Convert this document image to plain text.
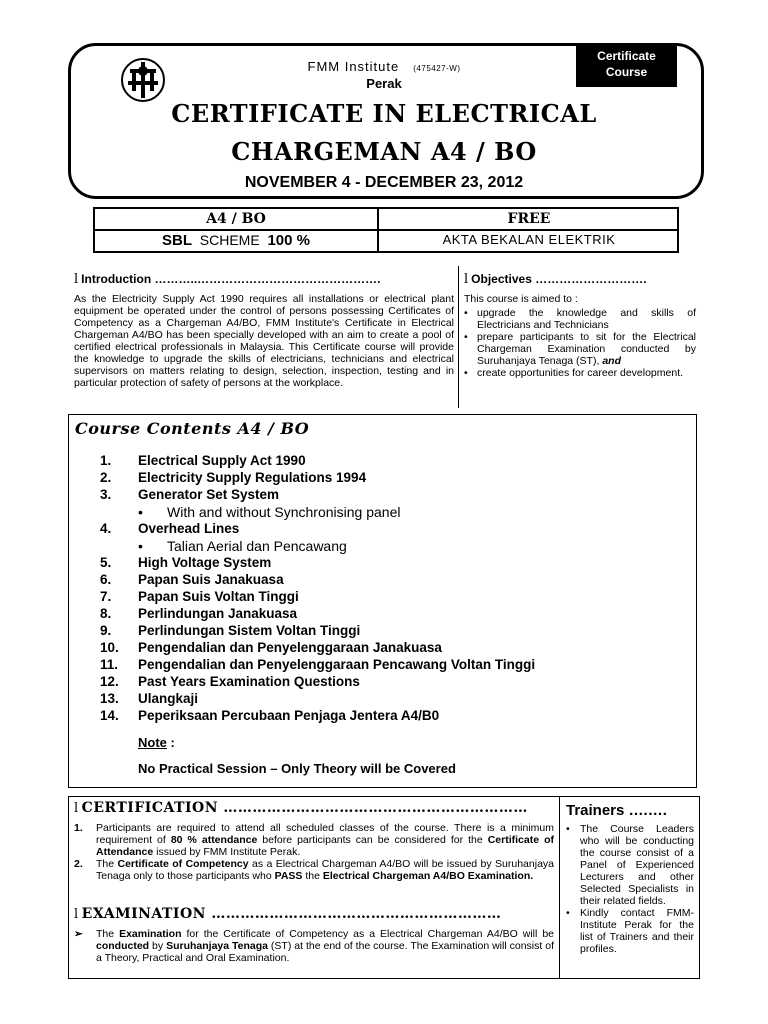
FMM Institute (475427-W)
Perak
Certificate
Course
CERTIFICATE IN ELECTRICAL
CHARGEMAN A4 / BO
NOVEMBER 4 - DECEMBER 23, 2012
A4 / BO	FREE
SBL SCHEME 100 %	AKTA BEKALAN ELEKTRIK
l Introduction ………..……………………………………….
As the Electricity Supply Act 1990 requires all installations or electrical plant equipment be operated under the control of persons possessing Certificates of Competency as a Chargeman A4/BO, FMM Institute's Certificate in Electrical Chargeman A4/BO has been specially developed with an aim to create a pool of certified electrical professionals in Malaysia. This Certificate course will provide the knowledge to upgrade the skills of electricians, technicians and electrical supervisors on matters relating to design, selection, inspection, testing and in particular protection of safety of persons at the workplace.
l Objectives ……………………….
This course is aimed to :
• upgrade the knowledge and skills of Electricians and Technicians
• prepare participants to sit for the Electrical Chargeman Examination conducted by Suruhanjaya Tenaga (ST), and
• create opportunities for career development.
Course Contents A4 / BO
1. Electrical Supply Act 1990
2. Electricity Supply Regulations 1994
3. Generator Set System
• With and without Synchronising panel
4. Overhead Lines
• Talian Aerial dan Pencawang
5. High Voltage System
6. Papan Suis Janakuasa
7. Papan Suis Voltan Tinggi
8. Perlindungan Janakuasa
9. Perlindungan Sistem Voltan Tinggi
10. Pengendalian dan Penyelenggaraan Janakuasa
11. Pengendalian dan Penyelenggaraan Pencawang Voltan Tinggi
12. Past Years Examination Questions
13. Ulangkaji
14. Peperiksaan Percubaan Penjaga Jentera A4/B0
Note :
No Practical Session – Only Theory will be Covered
l CERTIFICATION ………………………………………………………
1. Participants are required to attend all scheduled classes of the course. There is a minimum requirement of 80 % attendance before participants can be considered for the Certificate of Attendance issued by FMM Institute Perak.
2. The Certificate of Competency as a Electrical Chargeman A4/BO will be issued by Suruhanjaya Tenaga only to those participants who PASS the Electrical Chargeman A4/BO Examination.
l EXAMINATION ……………………………………………………
➢ The Examination for the Certificate of Competency as a Electrical Chargeman A4/BO will be conducted by Suruhanjaya Tenaga (ST) at the end of the course. The Examination will consist of a Theory, Practical and Oral Examination.
Trainers ….….
• The Course Leaders who will be conducting the course consist of a Panel of Experienced Lecturers and other Selected Specialists in their related fields.
• Kindly contact FMM-Institute Perak for the list of Trainers and their profiles.
